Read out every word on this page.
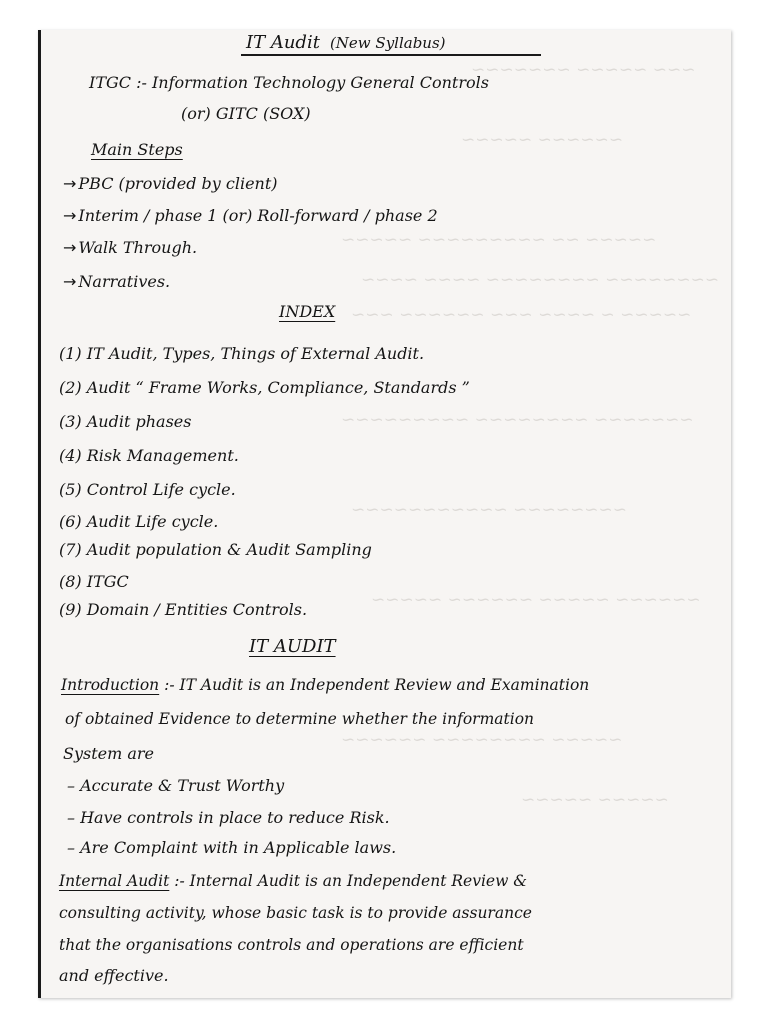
~~~ ~~~~~ ~~~~~~~
~~~~~~ ~~~~~
~~~~~ ~~ ~~~~~~~~~ ~~~~~
~~~~~~~~ ~~~~~~~~ ~~~~ ~~~~
~~~~~ ~ ~~~~ ~~~ ~~~~~~ ~~~
~~~~~~~ ~~~~~~~~ ~~~~~~~~~
~~~~~~~~ ~~~~~~~~~~~
~~~~~~ ~~~~~ ~~~~~~ ~~~~~
~~~~~ ~~~~~~~~ ~~~~~~
~~~~~ ~~~~~
IT Audit (New Syllabus)
ITGC :- Information Technology General Controls
(or) GITC (SOX)
Main Steps
→ PBC (provided by client)
→ Interim / phase 1 (or) Roll-forward / phase 2
→ Walk Through.
→ Narratives.
INDEX
(1) IT Audit, Types, Things of External Audit.
(2) Audit “ Frame Works, Compliance, Standards ”
(3) Audit phases
(4) Risk Management.
(5) Control Life cycle.
(6) Audit Life cycle.
(7) Audit population & Audit Sampling
(8) ITGC
(9) Domain / Entities Controls.
IT AUDIT
Introduction :- IT Audit is an Independent Review and Examination
of obtained Evidence to determine whether the information
System are
– Accurate & Trust Worthy
– Have controls in place to reduce Risk.
– Are Complaint with in Applicable laws.
Internal Audit :- Internal Audit is an Independent Review &
consulting activity, whose basic task is to provide assurance
that the organisations controls and operations are efficient
and effective.
